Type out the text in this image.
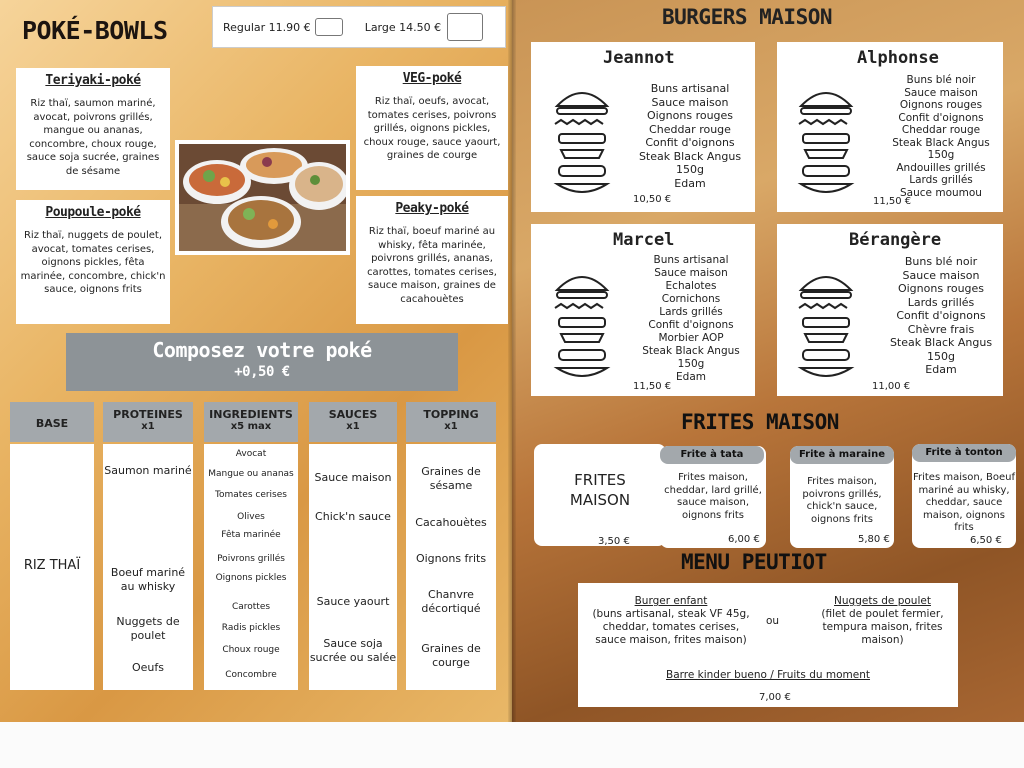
POKÉ-BOWLS	Regular 11.90 €	Large 14.50 €
Teriyaki-poké

Riz thaï, saumon mariné, avocat, poivrons grillés, mangue ou ananas, concombre, choux rouge, sauce soja sucrée, graines de sésame

VEG-poké

Riz thaï, oeufs, avocat, tomates cerises, poivrons grillés, oignons pickles, choux rouge, sauce yaourt, graines de courge

Poupoule-poké

Riz thaï, nuggets de poulet, avocat, tomates cerises, oignons pickles, fêta marinée, concombre, chick'n sauce, oignons frits

Peaky-poké

Riz thaï, boeuf mariné au whisky, fêta marinée, poivrons grillés, ananas, carottes, tomates cerises, sauce maison, graines de cacahouètes

Composez votre poké
+0,50 €
BASE
RIZ THAÏ
PROTEINES
x1
Saumon mariné
Boeuf mariné au whisky
Nuggets de poulet
Oeufs
INGREDIENTS
x5 max
Avocat
Mangue ou ananas
Tomates cerises
Olives
Fêta marinée
Poivrons grillés
Oignons pickles
Carottes
Radis pickles
Choux rouge
Concombre
SAUCES
x1
Sauce maison
Chick'n sauce
Sauce yaourt
Sauce soja sucrée ou salée
TOPPING
x1
Graines de sésame
Cacahouètes
Oignons frits
Chanvre décortiqué
Graines de courge
BURGERS MAISON
Jeannot
Buns artisanal
Sauce maison
Oignons rouges
Cheddar rouge
Confit d'oignons
Steak Black Angus
150g
Edam
10,50 €
Alphonse
Buns blé noir
Sauce maison
Oignons rouges
Confit d'oignons
Cheddar rouge
Steak Black Angus
150g
Andouilles grillés
Lards grillés
Sauce moumou
11,50 €
Marcel
Buns artisanal
Sauce maison
Echalotes
Cornichons
Lards grillés
Confit d'oignons
Morbier AOP
Steak Black Angus
150g
Edam
11,50 €
Bérangère
Buns blé noir
Sauce maison
Oignons rouges
Lards grillés
Confit d'oignons
Chèvre frais
Steak Black Angus
150g
Edam
11,00 €
FRITES MAISON
FRITES MAISON
3,50 €
Frite à tata
Frites maison, cheddar, lard grillé, sauce maison, oignons frits
6,00 €
Frite à maraine
Frites maison, poivrons grillés, chick'n sauce, oignons frits
5,80 €
Frite à tonton
Frites maison, Boeuf mariné au whisky, cheddar, sauce maison, oignons frits
6,50 €
MENU PEUTIOT
Burger enfant
(buns artisanal, steak VF 45g, cheddar, tomates cerises, sauce maison, frites maison)
ou
Nuggets de poulet
(filet de poulet fermier, tempura maison, frites maison)
Barre kinder bueno / Fruits du moment
7,00 €
